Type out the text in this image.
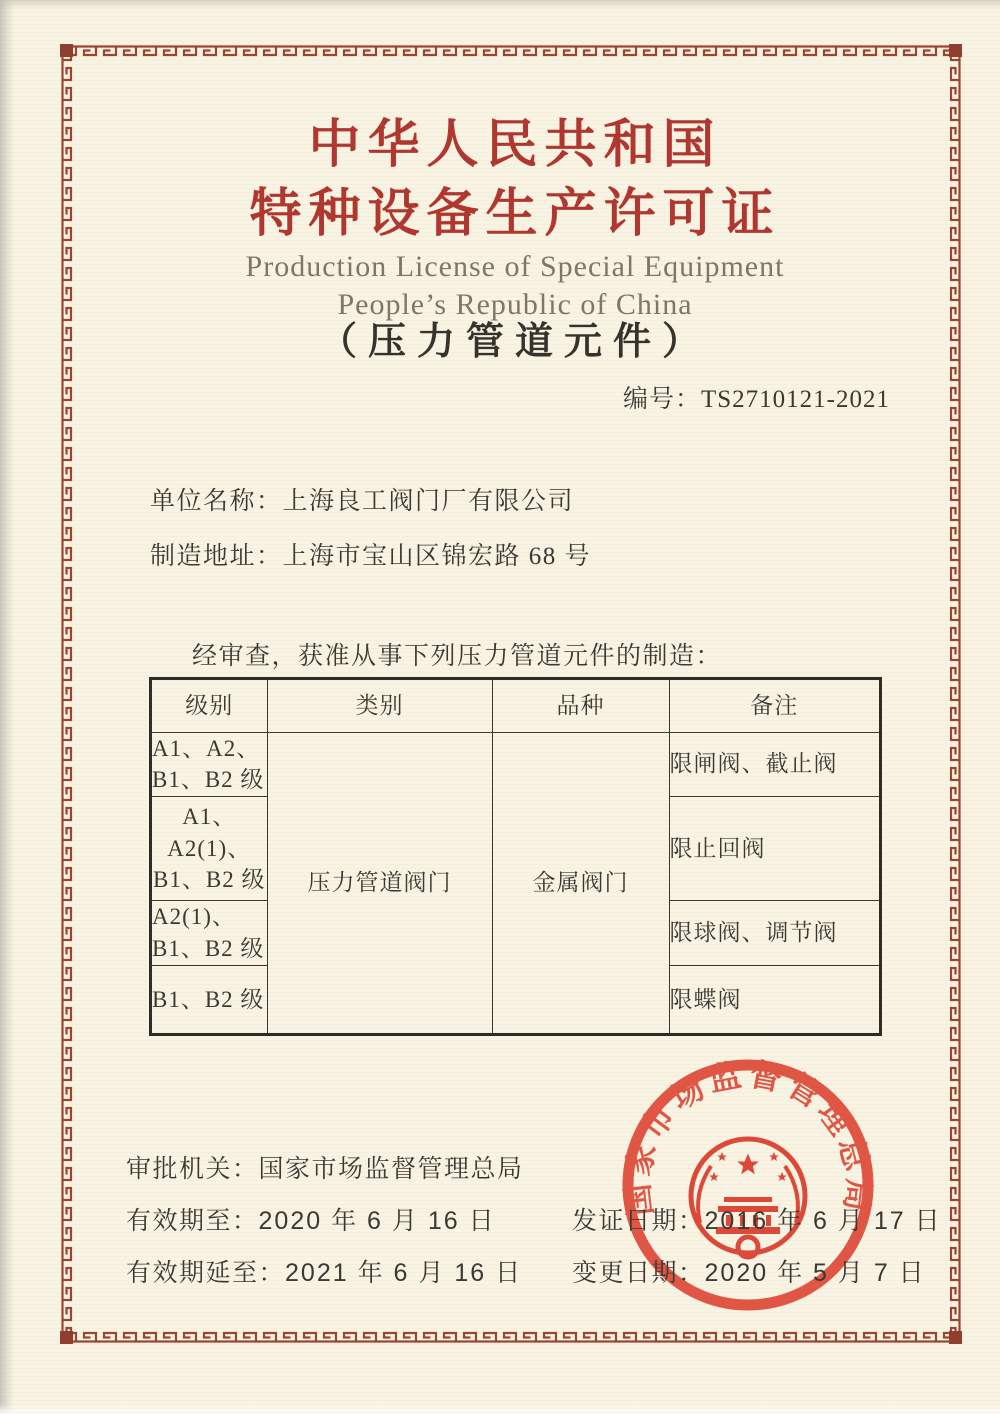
中华人民共和国
特种设备生产许可证
Production License of Special Equipment
People’s Republic of China
（压力管道元件）
编号：TS2710121-2021
单位名称：上海良工阀门厂有限公司
制造地址：上海市宝山区锦宏路 68 号
经审查，获准从事下列压力管道元件的制造：
级别	类别	品种	备注

A1、A2、
B1、B2 级	压力管道阀门	金属阀门	限闸阀、截止阀

A1、
A2(1)、
B1、B2 级			限止回阀

A2(1)、
B1、B2 级			限球阀、调节阀

B1、B2 级			限蝶阀
国家市场监督管理总局
审批机关：国家市场监督管理总局
有效期至：2020 年 6 月 16 日
有效期延至：2021 年 6 月 16 日
发证日期：2016 年 6 月 17 日
变更日期：2020 年 5 月 7 日
